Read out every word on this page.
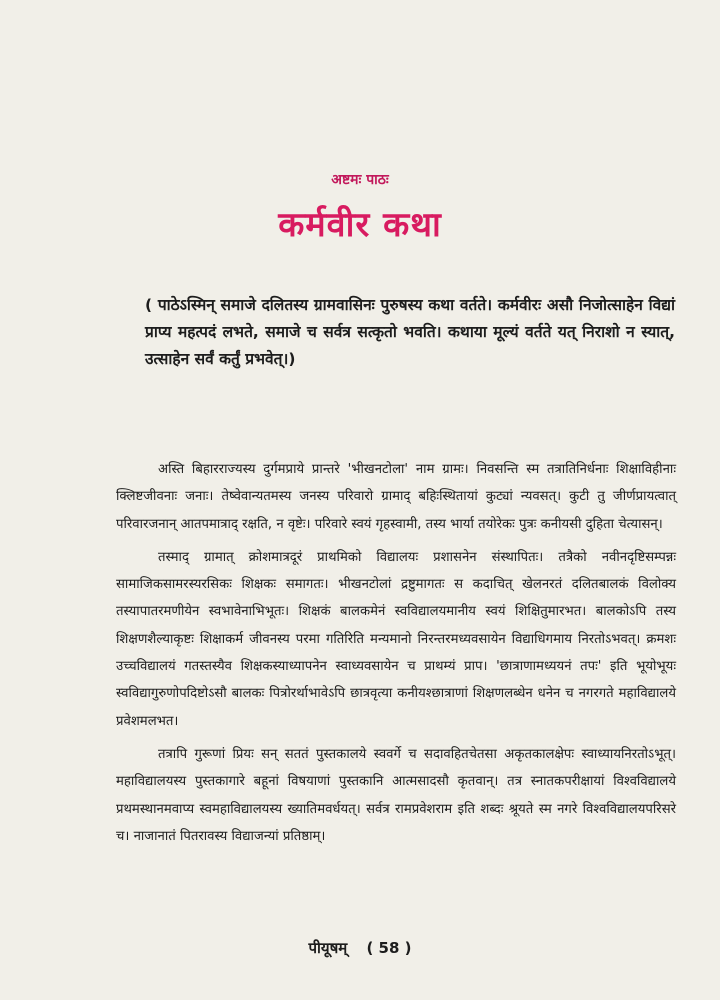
अष्टमः पाठः
कर्मवीर कथा
( पाठेऽस्मिन् समाजे दलितस्य ग्रामवासिनः पुरुषस्य कथा वर्तते। कर्मवीरः असौ निजोत्साहेन विद्यां प्राप्य महत्पदं लभते, समाजे च सर्वत्र सत्कृतो भवति। कथाया मूल्यं वर्तते यत् निराशो न स्यात्, उत्साहेन सर्वं कर्तुं प्रभवेत्।)

अस्ति बिहारराज्यस्य दुर्गमप्राये प्रान्तरे 'भीखनटोला' नाम ग्रामः। निवसन्ति स्म तत्रातिनिर्धनाः शिक्षाविहीनाः क्लिष्टजीवनाः जनाः। तेष्वेवान्यतमस्य जनस्य परिवारो ग्रामाद् बहिःस्थितायां कुट्यां न्यवसत्। कुटी तु जीर्णप्रायत्वात् परिवारजनान् आतपमात्राद् रक्षति, न वृष्टेः। परिवारे स्वयं गृहस्वामी, तस्य भार्या तयोरेकः पुत्रः कनीयसी दुहिता चेत्यासन्।

तस्माद् ग्रामात् क्रोशमात्रदूरं प्राथमिको विद्यालयः प्रशासनेन संस्थापितः। तत्रैको नवीनदृष्टिसम्पन्नः सामाजिकसामरस्यरसिकः शिक्षकः समागतः। भीखनटोलां द्रष्टुमागतः स कदाचित् खेलनरतं दलितबालकं विलोक्य तस्यापातरमणीयेन स्वभावेनाभिभूतः। शिक्षकं बालकमेनं स्वविद्यालयमानीय स्वयं शिक्षितुमारभत। बालकोऽपि तस्य शिक्षणशैल्याकृष्टः शिक्षाकर्म जीवनस्य परमा गतिरिति मन्यमानो निरन्तरमध्यवसायेन विद्याधिगमाय निरतोऽभवत्। क्रमशः उच्चविद्यालयं गतस्तस्यैव शिक्षकस्याध्यापनेन स्वाध्यवसायेन च प्राथम्यं प्राप। 'छात्राणामध्ययनं तपः' इति भूयोभूयः स्वविद्यागुरुणोपदिष्टोऽसौ बालकः पित्रोरर्थाभावेऽपि छात्रवृत्या कनीयश्छात्राणां शिक्षणलब्धेन धनेन च नगरगते महाविद्यालये प्रवेशमलभत।

तत्रापि गुरूणां प्रियः सन् सततं पुस्तकालये स्ववर्गे च सदावहितचेतसा अकृतकालक्षेपः स्वाध्यायनिरतोऽभूत्। महाविद्यालयस्य पुस्तकागारे बहूनां विषयाणां पुस्तकानि आत्मसादसौ कृतवान्। तत्र स्नातकपरीक्षायां विश्वविद्यालये प्रथमस्थानमवाप्य स्वमहाविद्यालयस्य ख्यातिमवर्धयत्। सर्वत्र रामप्रवेशराम इति शब्दः श्रूयते स्म नगरे विश्वविद्यालयपरिसरे च। नाजानातं पितरावस्य विद्याजन्यां प्रतिष्ठाम्।

पीयूषम् ( 58 )
